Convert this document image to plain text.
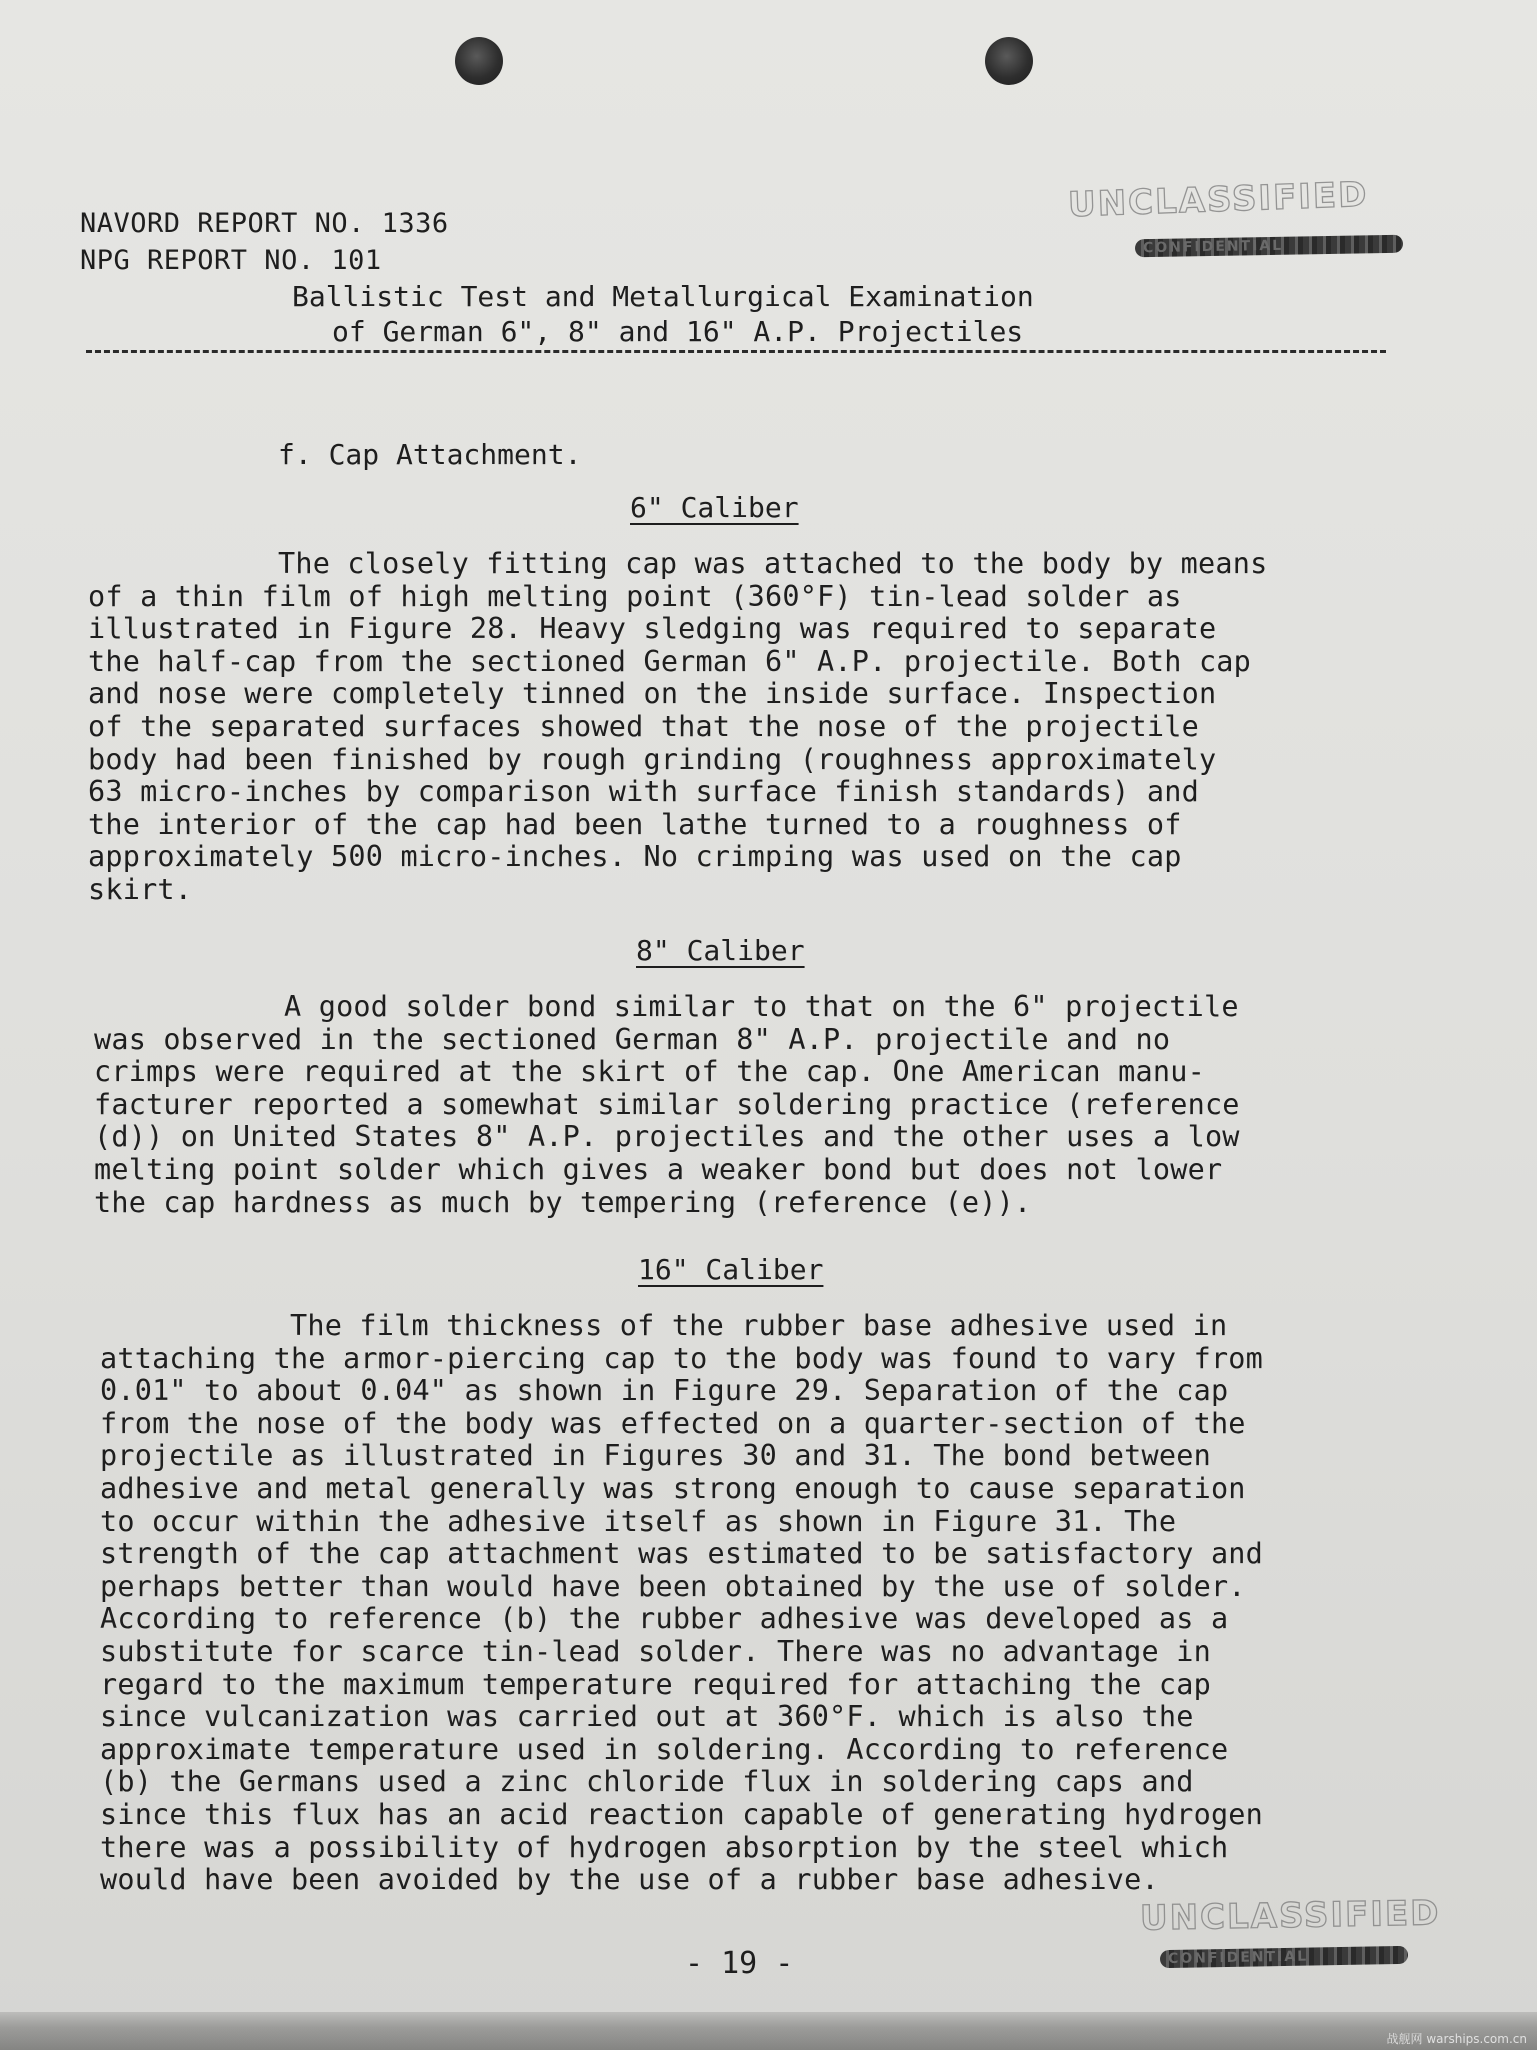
NAVORD REPORT NO. 1336
NPG REPORT NO. 101
UNCLASSIFIED
CONFIDENTIAL
Ballistic Test and Metallurgical Examination
of German 6", 8" and 16" A.P. Projectiles
f. Cap Attachment.
6" Caliber
The closely fitting cap was attached to the body by means
of a thin film of high melting point (360°F) tin-lead solder as
illustrated in Figure 28. Heavy sledging was required to separate
the half-cap from the sectioned German 6" A.P. projectile. Both cap
and nose were completely tinned on the inside surface. Inspection
of the separated surfaces showed that the nose of the projectile
body had been finished by rough grinding (roughness approximately
63 micro-inches by comparison with surface finish standards) and
the interior of the cap had been lathe turned to a roughness of
approximately 500 micro-inches. No crimping was used on the cap
skirt.
8" Caliber
A good solder bond similar to that on the 6" projectile
was observed in the sectioned German 8" A.P. projectile and no
crimps were required at the skirt of the cap. One American manu-
facturer reported a somewhat similar soldering practice (reference
(d)) on United States 8" A.P. projectiles and the other uses a low
melting point solder which gives a weaker bond but does not lower
the cap hardness as much by tempering (reference (e)).
16" Caliber
The film thickness of the rubber base adhesive used in
attaching the armor-piercing cap to the body was found to vary from
0.01" to about 0.04" as shown in Figure 29. Separation of the cap
from the nose of the body was effected on a quarter-section of the
projectile as illustrated in Figures 30 and 31. The bond between
adhesive and metal generally was strong enough to cause separation
to occur within the adhesive itself as shown in Figure 31. The
strength of the cap attachment was estimated to be satisfactory and
perhaps better than would have been obtained by the use of solder.
According to reference (b) the rubber adhesive was developed as a
substitute for scarce tin-lead solder. There was no advantage in
regard to the maximum temperature required for attaching the cap
since vulcanization was carried out at 360°F. which is also the
approximate temperature used in soldering. According to reference
(b) the Germans used a zinc chloride flux in soldering caps and
since this flux has an acid reaction capable of generating hydrogen
there was a possibility of hydrogen absorption by the steel which
would have been avoided by the use of a rubber base adhesive.
UNCLASSIFIED
CONFIDENTIAL
- 19 -
战舰网 warships.com.cn
